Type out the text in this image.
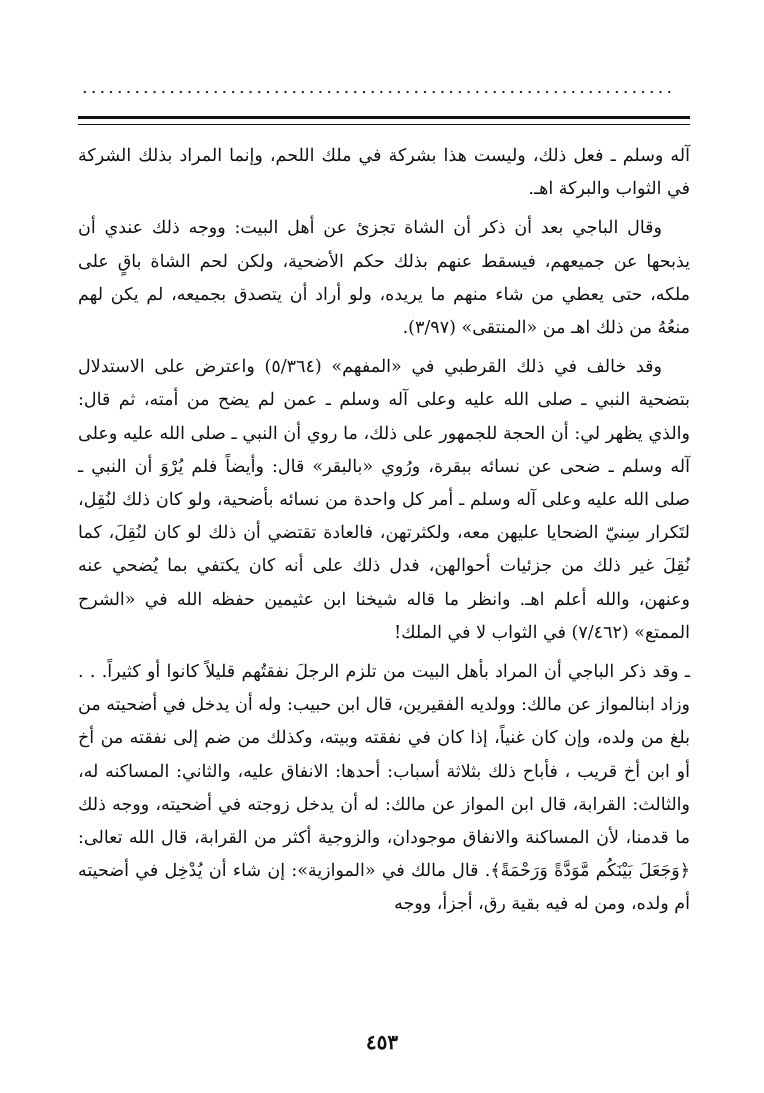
....................................................................

آله وسلم ـ فعل ذلك، وليست هذا بشركة في ملك اللحم، وإنما المراد بذلك الشركة في الثواب والبركة اهـ.

وقال الباجي بعد أن ذكر أن الشاة تجزئ عن أهل البيت: ووجه ذلك عندي أن يذبحها عن جميعهم، فيسقط عنهم بذلك حكم الأضحية، ولكن لحم الشاة باقٍ على ملكه، حتى يعطي من شاء منهم ما يريده، ولو أراد أن يتصدق بجميعه، لم يكن لهم منعُهُ من ذلك اهـ من «المنتقى» (٣/٩٧).

وقد خالف في ذلك القرطبي في «المفهم» (٥/٣٦٤) واعترض على الاستدلال بتضحية النبي ـ صلى الله عليه وعلى آله وسلم ـ عمن لم يضح من أمته، ثم قال: والذي يظهر لي: أن الحجة للجمهور على ذلك، ما روي أن النبي ـ صلى الله عليه وعلى آله وسلم ـ ضحى عن نسائه ببقرة، ورُوي «بالبقر» قال: وأيضاً فلم يُرْوَ أن النبي ـ صلى الله عليه وعلى آله وسلم ـ أمر كل واحدة من نسائه بأضحية، ولو كان ذلك لنُقِل، لتَكرار سِنيّ الضحايا عليهن معه، ولكثرتهن، فالعادة تقتضي أن ذلك لو كان لنُقِلَ، كما نُقِلَ غير ذلك من جزئيات أحوالهن، فدل ذلك على أنه كان يكتفي بما يُضحي عنه وعنهن، والله أعلم اهـ. وانظر ما قاله شيخنا ابن عثيمين حفظه الله في «الشرح الممتع» (٧/٤٦٢) في الثواب لا في الملك!

ـ وقد ذكر الباجي أن المراد بأهل البيت من تلزم الرجلَ نفقتُهم قليلاً كانوا أو كثيراً. . . وزاد ابنالمواز عن مالك: وولديه الفقيرين، قال ابن حبيب: وله أن يدخل في أضحيته من بلغ من ولده، وإن كان غنياً، إذا كان في نفقته وبيته، وكذلك من ضم إلى نفقته من أخ أو ابن أخ قريب ، فأباح ذلك بثلاثة أسباب: أحدها: الانفاق عليه، والثاني: المساكنه له، والثالث: القرابة، قال ابن المواز عن مالك: له أن يدخل زوجته في أضحيته، ووجه ذلك ما قدمنا، لأن المساكنة والانفاق موجودان، والزوجية أكثر من القرابة، قال الله تعالى: ﴿وَجَعَلَ بَيْنَكُم مَّوَدَّةً وَرَحْمَةً﴾. قال مالك في «الموازية»: إن شاء أن يُدْخِل في أضحيته أم ولده، ومن له فيه بقية رق، أجزأ، ووجه

٤٥٣
